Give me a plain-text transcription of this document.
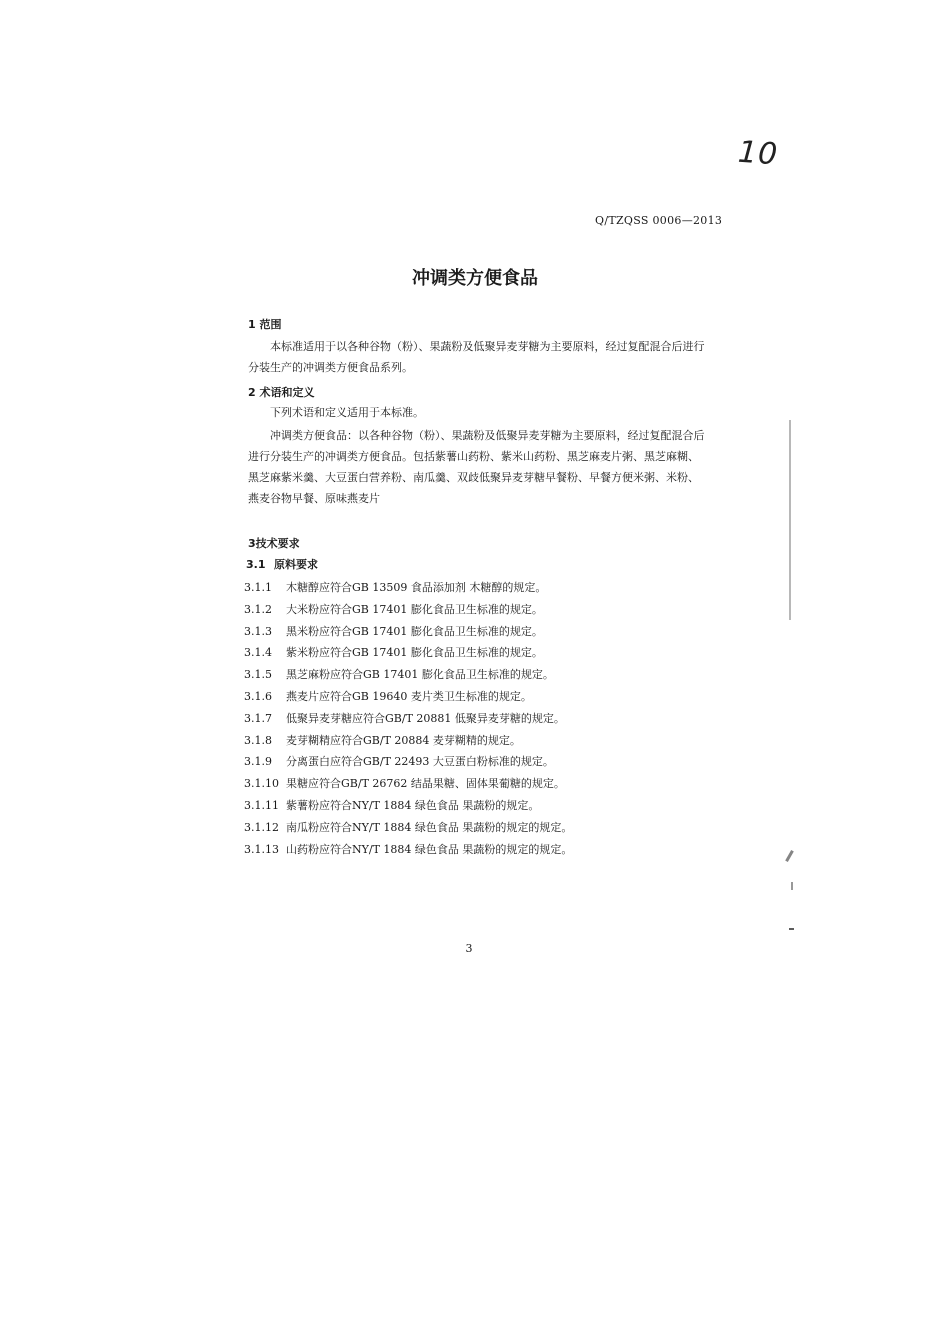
10
Q/TZQSS 0006—2013
冲调类方便食品
1 范围
本标准适用于以各种谷物（粉）、果蔬粉及低聚异麦芽糖为主要原料，经过复配混合后进行分装生产的冲调类方便食品系列。
2 术语和定义
下列术语和定义适用于本标准。
冲调类方便食品：以各种谷物（粉）、果蔬粉及低聚异麦芽糖为主要原料，经过复配混合后进行分装生产的冲调类方便食品。包括紫薯山药粉、紫米山药粉、黑芝麻麦片粥、黑芝麻糊、黑芝麻紫米羹、大豆蛋白营养粉、南瓜羹、双歧低聚异麦芽糖早餐粉、早餐方便米粥、米粉、燕麦谷物早餐、原味燕麦片
3技术要求
3.1 原料要求
3.1.1 木糖醇应符合GB 13509 食品添加剂 木糖醇的规定。
3.1.2 大米粉应符合GB 17401 膨化食品卫生标准的规定。
3.1.3 黑米粉应符合GB 17401 膨化食品卫生标准的规定。
3.1.4 紫米粉应符合GB 17401 膨化食品卫生标准的规定。
3.1.5 黑芝麻粉应符合GB 17401 膨化食品卫生标准的规定。
3.1.6 燕麦片应符合GB 19640 麦片类卫生标准的规定。
3.1.7 低聚异麦芽糖应符合GB/T 20881 低聚异麦芽糖的规定。
3.1.8 麦芽糊精应符合GB/T 20884 麦芽糊精的规定。
3.1.9 分离蛋白应符合GB/T 22493 大豆蛋白粉标准的规定。
3.1.10 果糖应符合GB/T 26762 结晶果糖、固体果葡糖的规定。
3.1.11 紫薯粉应符合NY/T 1884 绿色食品 果蔬粉的规定。
3.1.12 南瓜粉应符合NY/T 1884 绿色食品 果蔬粉的规定的规定。
3.1.13 山药粉应符合NY/T 1884 绿色食品 果蔬粉的规定的规定。
3
